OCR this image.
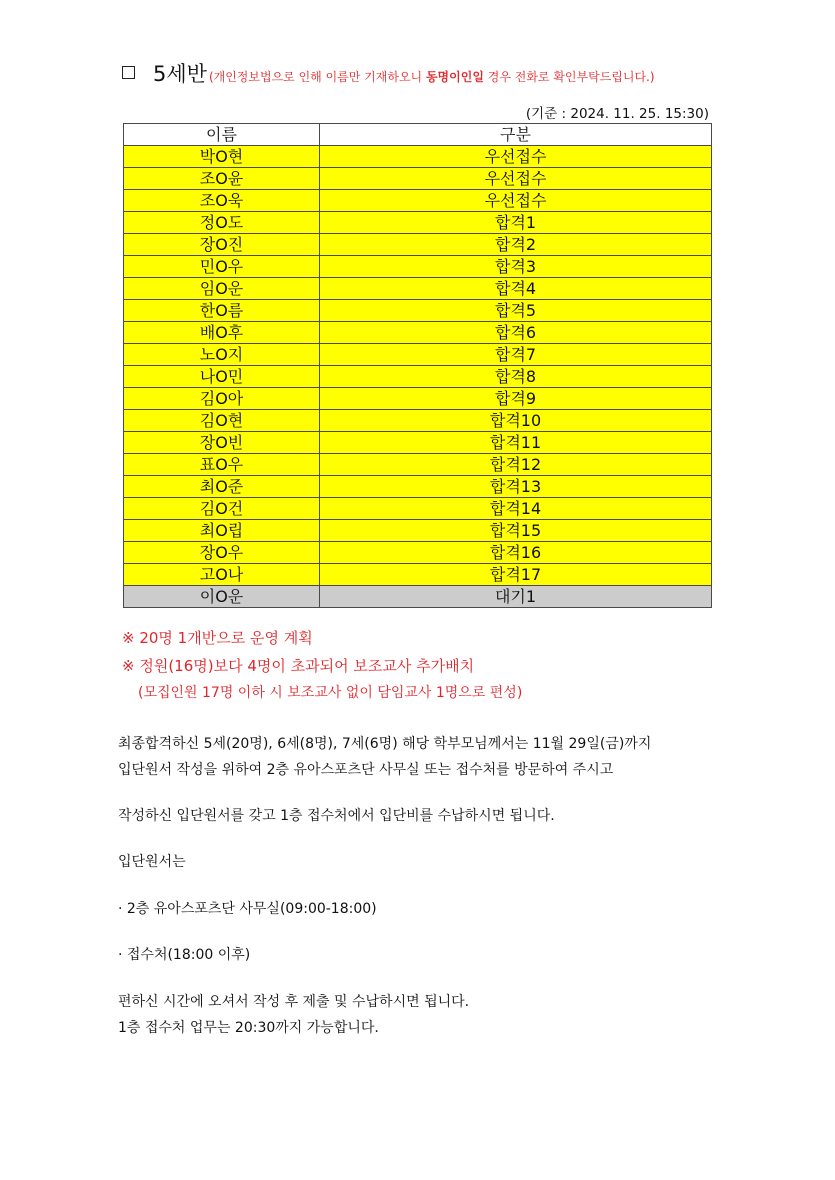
5세반 (개인정보법으로 인해 이름만 기재하오니 동명이인일 경우 전화로 확인부탁드립니다.)
(기준 : 2024. 11. 25. 15:30)
이름	구분
박O현	우선접수
조O윤	우선접수
조O욱	우선접수
정O도	합격1
장O진	합격2
민O우	합격3
임O운	합격4
한O름	합격5
배O후	합격6
노O지	합격7
나O민	합격8
김O아	합격9
김O현	합격10
장O빈	합격11
표O우	합격12
최O준	합격13
김O건	합격14
최O립	합격15
장O우	합격16
고O나	합격17
이O운	대기1
※ 20명 1개반으로 운영 계획
※ 정원(16명)보다 4명이 초과되어 보조교사 추가배치
(모집인원 17명 이하 시 보조교사 없이 담임교사 1명으로 편성)
최종합격하신 5세(20명), 6세(8명), 7세(6명) 해당 학부모님께서는 11월 29일(금)까지
입단원서 작성을 위하여 2층 유아스포츠단 사무실 또는 접수처를 방문하여 주시고
작성하신 입단원서를 갖고 1층 접수처에서 입단비를 수납하시면 됩니다.
입단원서는
· 2층 유아스포츠단 사무실(09:00-18:00)
· 접수처(18:00 이후)
편하신 시간에 오셔서 작성 후 제출 및 수납하시면 됩니다.
1층 접수처 업무는 20:30까지 가능합니다.
